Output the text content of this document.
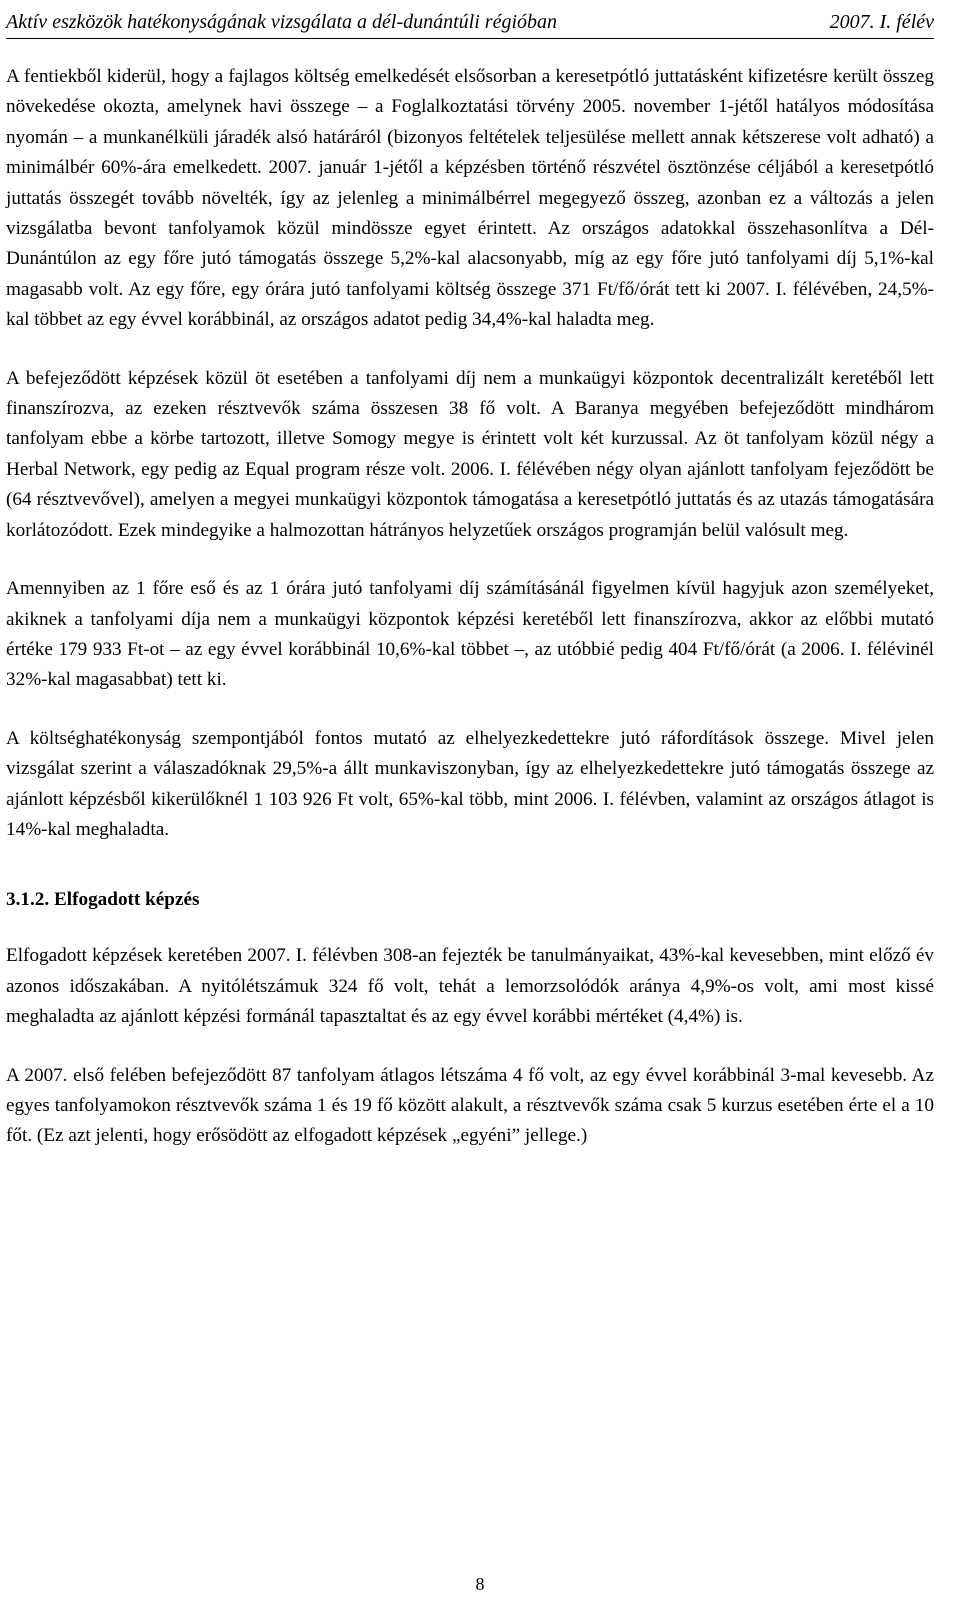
Aktív eszközök hatékonyságának vizsgálata a dél-dunántúli régióban	2007. I. félév

A fentiekből kiderül, hogy a fajlagos költség emelkedését elsősorban a keresetpótló juttatásként kifizetésre került összeg növekedése okozta, amelynek havi összege – a Foglalkoztatási törvény 2005. november 1-jétől hatályos módosítása nyomán – a munkanélküli járadék alsó határáról (bizonyos feltételek teljesülése mellett annak kétszerese volt adható) a minimálbér 60%-ára emelkedett. 2007. január 1-jétől a képzésben történő részvétel ösztönzése céljából a keresetpótló juttatás összegét tovább növelték, így az jelenleg a minimálbérrel megegyező összeg, azonban ez a változás a jelen vizsgálatba bevont tanfolyamok közül mindössze egyet érintett. Az országos adatokkal összehasonlítva a Dél-Dunántúlon az egy főre jutó támogatás összege 5,2%-kal alacsonyabb, míg az egy főre jutó tanfolyami díj 5,1%-kal magasabb volt. Az egy főre, egy órára jutó tanfolyami költség összege 371 Ft/fő/órát tett ki 2007. I. félévében, 24,5%-kal többet az egy évvel korábbinál, az országos adatot pedig 34,4%-kal haladta meg.

A befejeződött képzések közül öt esetében a tanfolyami díj nem a munkaügyi központok decentralizált keretéből lett finanszírozva, az ezeken résztvevők száma összesen 38 fő volt. A Baranya megyében befejeződött mindhárom tanfolyam ebbe a körbe tartozott, illetve Somogy megye is érintett volt két kurzussal. Az öt tanfolyam közül négy a Herbal Network, egy pedig az Equal program része volt. 2006. I. félévében négy olyan ajánlott tanfolyam fejeződött be (64 résztvevővel), amelyen a megyei munkaügyi központok támogatása a keresetpótló juttatás és az utazás támogatására korlátozódott. Ezek mindegyike a halmozottan hátrányos helyzetűek országos programján belül valósult meg.

Amennyiben az 1 főre eső és az 1 órára jutó tanfolyami díj számításánál figyelmen kívül hagyjuk azon személyeket, akiknek a tanfolyami díja nem a munkaügyi központok képzési keretéből lett finanszírozva, akkor az előbbi mutató értéke 179 933 Ft-ot – az egy évvel korábbinál 10,6%-kal többet –, az utóbbié pedig 404 Ft/fő/órát (a 2006. I. félévinél 32%-kal magasabbat) tett ki.

A költséghatékonyság szempontjából fontos mutató az elhelyezkedettekre jutó ráfordítások összege. Mivel jelen vizsgálat szerint a válaszadóknak 29,5%-a állt munkaviszonyban, így az elhelyezkedettekre jutó támogatás összege az ajánlott képzésből kikerülőknél 1 103 926 Ft volt, 65%-kal több, mint 2006. I. félévben, valamint az országos átlagot is 14%-kal meghaladta.

3.1.2. Elfogadott képzés

Elfogadott képzések keretében 2007. I. félévben 308-an fejezték be tanulmányaikat, 43%-kal kevesebben, mint előző év azonos időszakában. A nyitólétszámuk 324 fő volt, tehát a lemorzsolódók aránya 4,9%-os volt, ami most kissé meghaladta az ajánlott képzési formánál tapasztaltat és az egy évvel korábbi mértéket (4,4%) is.

A 2007. első felében befejeződött 87 tanfolyam átlagos létszáma 4 fő volt, az egy évvel korábbinál 3-mal kevesebb. Az egyes tanfolyamokon résztvevők száma 1 és 19 fő között alakult, a résztvevők száma csak 5 kurzus esetében érte el a 10 főt. (Ez azt jelenti, hogy erősödött az elfogadott képzések „egyéni” jellege.)

8
